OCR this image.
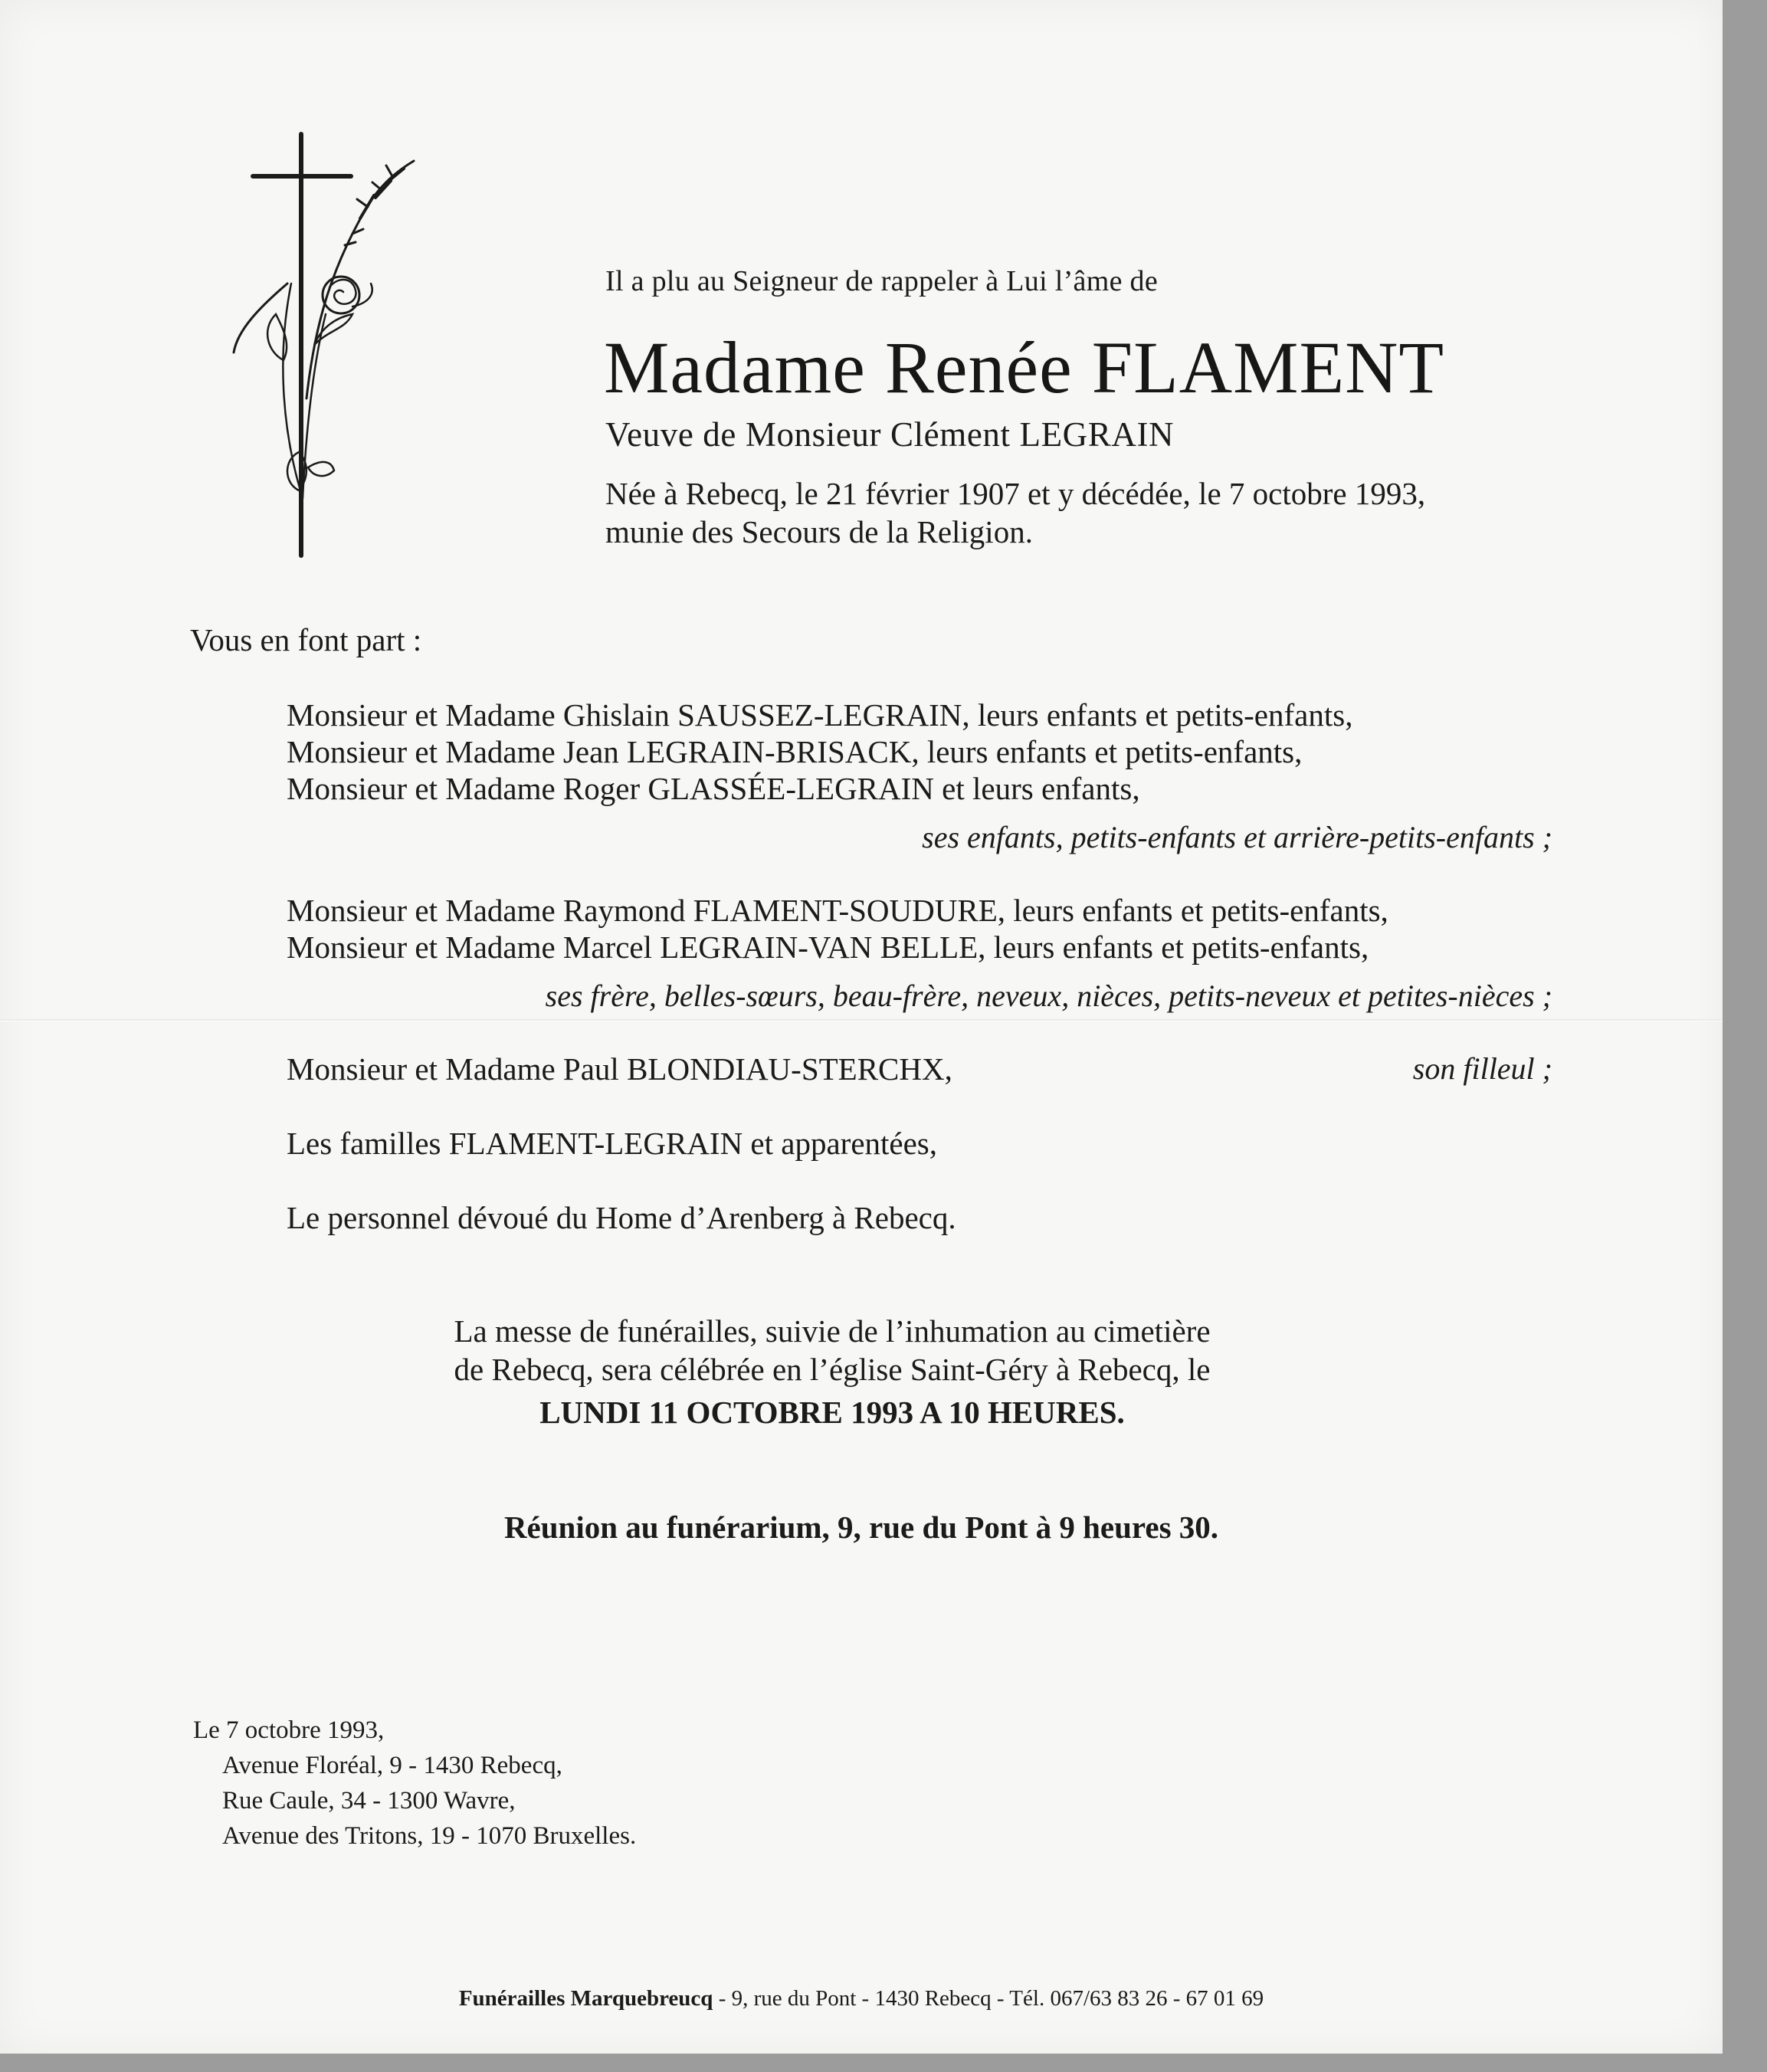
Il a plu au Seigneur de rappeler à Lui l’âme de
Madame Renée FLAMENT
Veuve de Monsieur Clément LEGRAIN
Née à Rebecq, le 21 février 1907 et y décédée, le 7 octobre 1993,
munie des Secours de la Religion.
Vous en font part :
Monsieur et Madame Ghislain SAUSSEZ-LEGRAIN, leurs enfants et petits-enfants,
Monsieur et Madame Jean LEGRAIN-BRISACK, leurs enfants et petits-enfants,
Monsieur et Madame Roger GLASSÉE-LEGRAIN et leurs enfants,
ses enfants, petits-enfants et arrière-petits-enfants ;
Monsieur et Madame Raymond FLAMENT-SOUDURE, leurs enfants et petits-enfants,
Monsieur et Madame Marcel LEGRAIN-VAN BELLE, leurs enfants et petits-enfants,
ses frère, belles-sœurs, beau-frère, neveux, nièces, petits-neveux et petites-nièces ;
Monsieur et Madame Paul BLONDIAU-STERCHX,	son filleul ;
Les familles FLAMENT-LEGRAIN et apparentées,
Le personnel dévoué du Home d’Arenberg à Rebecq.
La messe de funérailles, suivie de l’inhumation au cimetière
de Rebecq, sera célébrée en l’église Saint-Géry à Rebecq, le
LUNDI 11 OCTOBRE 1993 A 10 HEURES.
Réunion au funérarium, 9, rue du Pont à 9 heures 30.
Le 7 octobre 1993,
Avenue Floréal, 9 - 1430 Rebecq,
Rue Caule, 34 - 1300 Wavre,
Avenue des Tritons, 19 - 1070 Bruxelles.
Funérailles Marquebreucq - 9, rue du Pont - 1430 Rebecq - Tél. 067/63 83 26 - 67 01 69
